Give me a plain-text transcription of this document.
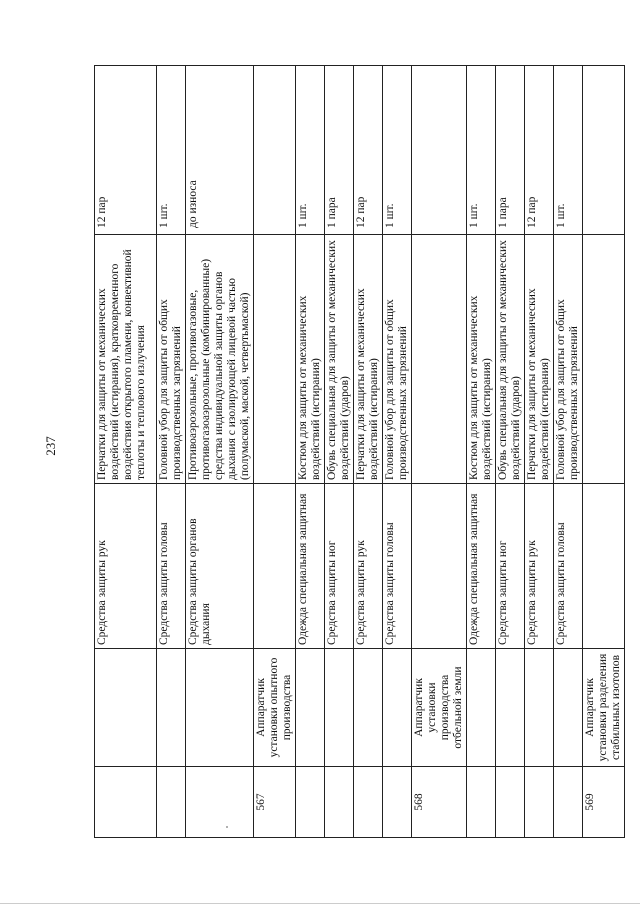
237
		Средства защиты рук	Перчатки для защиты от механических воздействий (истирания), кратковременного воздействия открытого пламени, конвективной теплоты и теплового излучения	12 пар
		Средства защиты головы	Головной убор для защиты от общих производственных загрязнений	1 шт.
		Средства защиты органов дыхания	Противоаэрозольные, противогазовые, противогазоаэрозольные (комбинированные) средства индивидуальной защиты органов дыхания с изолирующей лицевой частью (полумаской, маской, четвертьмаской)	до износа
567	Аппаратчик установки опытного производства			
		Одежда специальная защитная	Костюм для защиты от механических воздействий (истирания)	1 шт.
		Средства защиты ног	Обувь специальная для защиты от механических воздействий (ударов)	1 пара
		Средства защиты рук	Перчатки для защиты от механических воздействий (истирания)	12 пар
		Средства защиты головы	Головной убор для защиты от общих производственных загрязнений	1 шт.
568	Аппаратчик установки производства отбельной земли			
		Одежда специальная защитная	Костюм для защиты от механических воздействий (истирания)	1 шт.
		Средства защиты ног	Обувь специальная для защиты от механических воздействий (ударов)	1 пара
		Средства защиты рук	Перчатки для защиты от механических воздействий (истирания)	12 пар
		Средства защиты головы	Головной убор для защиты от общих производственных загрязнений	1 шт.
569	Аппаратчик установки разделения стабильных изотопов			
